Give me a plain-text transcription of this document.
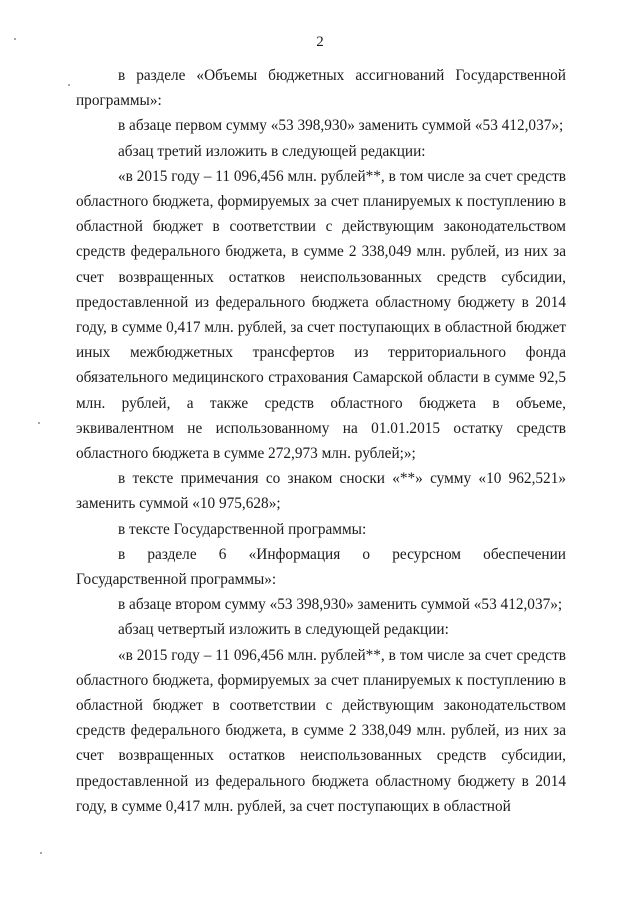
2

в разделе «Объемы бюджетных ассигнований Государственной программы»:

в абзаце первом сумму «53 398,930» заменить суммой «53 412,037»;

абзац третий изложить в следующей редакции:

«в 2015 году – 11 096,456 млн. рублей**, в том числе за счет средств областного бюджета, формируемых за счет планируемых к поступлению в областной бюджет в соответствии с действующим законодательством средств федерального бюджета, в сумме 2 338,049 млн. рублей, из них за счет возвращенных остатков неиспользованных средств субсидии, предоставленной из федерального бюджета областному бюджету в 2014 году, в сумме 0,417 млн. рублей, за счет поступающих в областной бюджет иных межбюджетных трансфертов из территориального фонда обязательного медицинского страхования Самарской области в сумме 92,5 млн. рублей, а также средств областного бюджета в объеме, эквивалентном не использованному на 01.01.2015 остатку средств областного бюджета в сумме 272,973 млн. рублей;»;

в тексте примечания со знаком сноски «**» сумму «10 962,521» заменить суммой «10 975,628»;

в тексте Государственной программы:

в разделе 6 «Информация о ресурсном обеспечении Государственной программы»:

в абзаце втором сумму «53 398,930» заменить суммой «53 412,037»;

абзац четвертый изложить в следующей редакции:

«в 2015 году – 11 096,456 млн. рублей**, в том числе за счет средств областного бюджета, формируемых за счет планируемых к поступлению в областной бюджет в соответствии с действующим законодательством средств федерального бюджета, в сумме 2 338,049 млн. рублей, из них за счет возвращенных остатков неиспользованных средств субсидии, предоставленной из федерального бюджета областному бюджету в 2014 году, в сумме 0,417 млн. рублей, за счет поступающих в областной
